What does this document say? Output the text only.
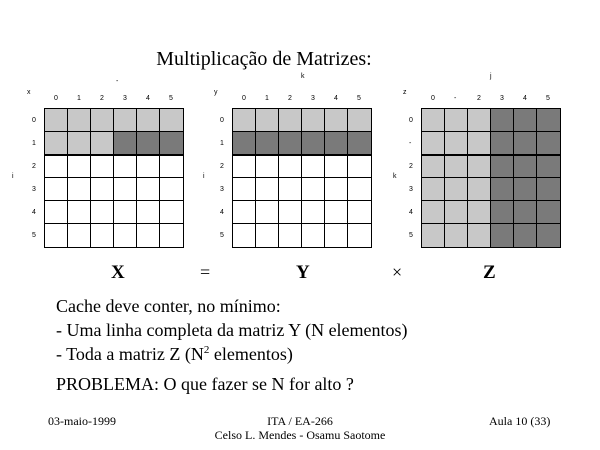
Multiplicação de Matrizes:
-
x
i
0	1	2	3	4	5
0
1
2
3
4
5
X	=
k
y
i
0	1	2	3	4	5
0
1
2
3
4
5
Y	×
j
z
k
0	-	2	3	4	5
0
-
2
3
4
5
Z
Cache deve conter, no mínimo:
- Uma linha completa da matriz Y (N elementos)
- Toda a matriz Z ($N^2$ elementos)
PROBLEMA: O que fazer se N for alto ?
03-maio-1999	ITA / EA-266
Celso L. Mendes - Osamu Saotome
Aula 10 (33)
